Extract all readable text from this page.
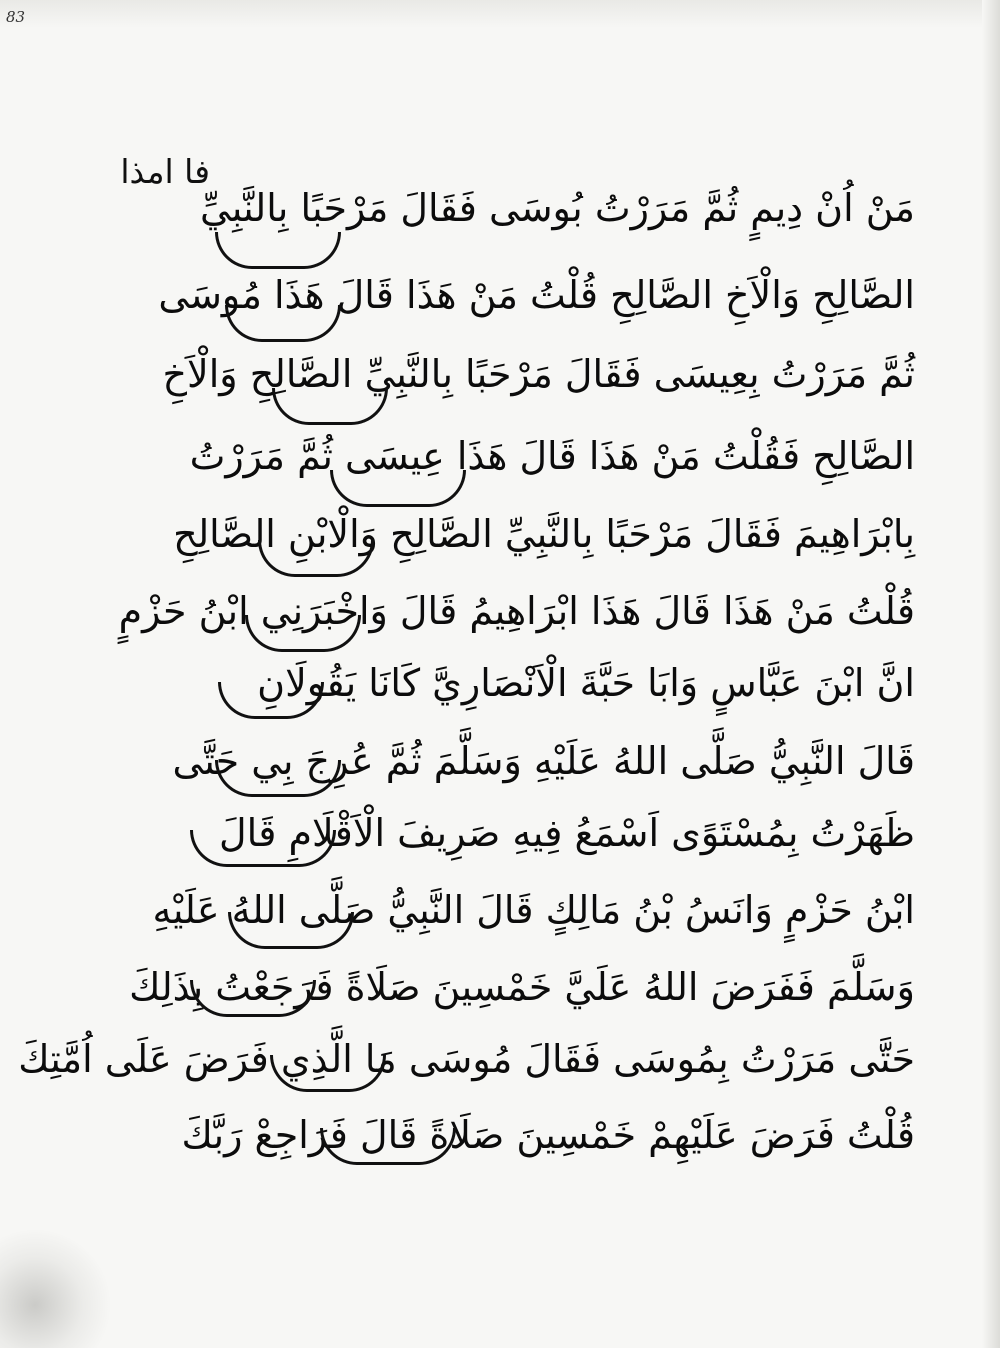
83
فا امذا
مَنْ اُنْ دِيمٍ ثُمَّ مَرَرْتُ بُوسَى فَقَالَ مَرْحَبًا بِالنَّبِيِّ
الصَّالِحِ وَالْاَخِ الصَّالِحِ قُلْتُ مَنْ هَذَا قَالَ هَذَا مُوسَى
ثُمَّ مَرَرْتُ بِعِيسَى فَقَالَ مَرْحَبًا بِالنَّبِيِّ الصَّالِحِ وَالْاَخِ
الصَّالِحِ فَقُلْتُ مَنْ هَذَا قَالَ هَذَا عِيسَى ثُمَّ مَرَرْتُ
بِابْرَاهِيمَ فَقَالَ مَرْحَبًا بِالنَّبِيِّ الصَّالِحِ وَالْابْنِ الصَّالِحِ
قُلْتُ مَنْ هَذَا قَالَ هَذَا ابْرَاهِيمُ قَالَ وَاخْبَرَنِي ابْنُ حَزْمٍ
انَّ ابْنَ عَبَّاسٍ وَابَا حَبَّةَ الْاَنْصَارِيَّ كَانَا يَقُولَانِ
قَالَ النَّبِيُّ صَلَّى اللهُ عَلَيْهِ وَسَلَّمَ ثُمَّ عُرِجَ بِي حَتَّى
ظَهَرْتُ بِمُسْتَوًى اَسْمَعُ فِيهِ صَرِيفَ الْاَقْلَامِ قَالَ
ابْنُ حَزْمٍ وَانَسُ بْنُ مَالِكٍ قَالَ النَّبِيُّ صَلَّى اللهُ عَلَيْهِ
وَسَلَّمَ فَفَرَضَ اللهُ عَلَيَّ خَمْسِينَ صَلَاةً فَرَجَعْتُ بِذَلِكَ
حَتَّى مَرَرْتُ بِمُوسَى فَقَالَ مُوسَى مَا الَّذِي فَرَضَ عَلَى اُمَّتِكَ
قُلْتُ فَرَضَ عَلَيْهِمْ خَمْسِينَ صَلَاةً قَالَ فَرَاجِعْ رَبَّكَ
